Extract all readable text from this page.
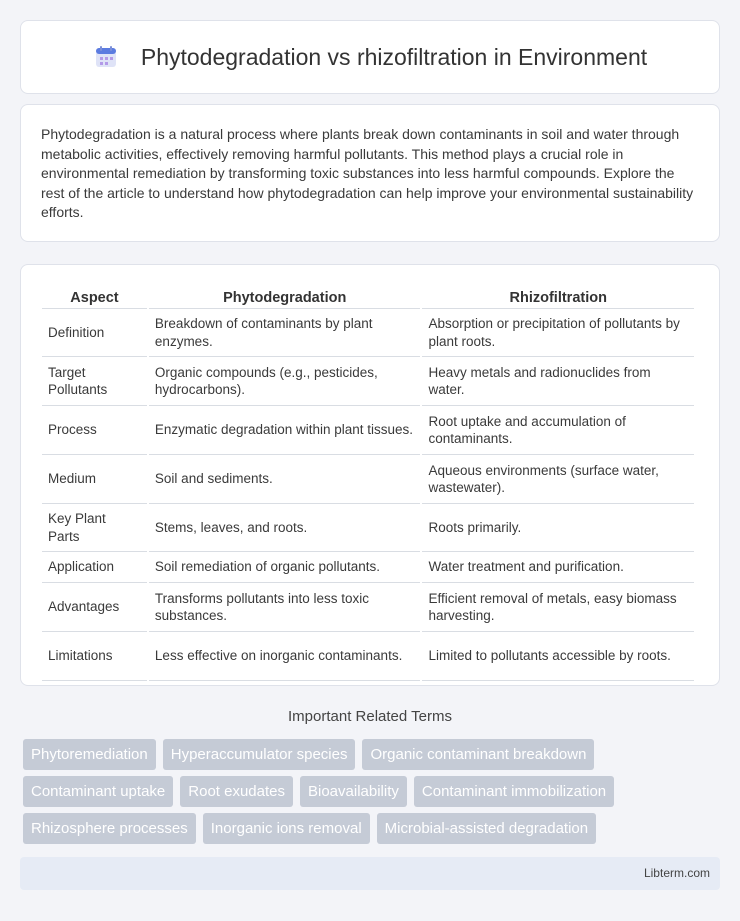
Phytodegradation vs rhizofiltration in Environment

Phytodegradation is a natural process where plants break down contaminants in soil and water through metabolic activities, effectively removing harmful pollutants. This method plays a crucial role in environmental remediation by transforming toxic substances into less harmful compounds. Explore the rest of the article to understand how phytodegradation can help improve your environmental sustainability efforts.

Aspect	Phytodegradation	Rhizofiltration
Definition	Breakdown of contaminants by plant enzymes.	Absorption or precipitation of pollutants by plant roots.
Target Pollutants	Organic compounds (e.g., pesticides, hydrocarbons).	Heavy metals and radionuclides from water.
Process	Enzymatic degradation within plant tissues.	Root uptake and accumulation of contaminants.
Medium	Soil and sediments.	Aqueous environments (surface water, wastewater).
Key Plant Parts	Stems, leaves, and roots.	Roots primarily.
Application	Soil remediation of organic pollutants.	Water treatment and purification.
Advantages	Transforms pollutants into less toxic substances.	Efficient removal of metals, easy biomass harvesting.
Limitations	Less effective on inorganic contaminants.	Limited to pollutants accessible by roots.
Important Related Terms
Phytoremediation	Hyperaccumulator species	Organic contaminant breakdown
Contaminant uptake	Root exudates	Bioavailability	Contaminant immobilization
Rhizosphere processes	Inorganic ions removal	Microbial-assisted degradation
Libterm.com
